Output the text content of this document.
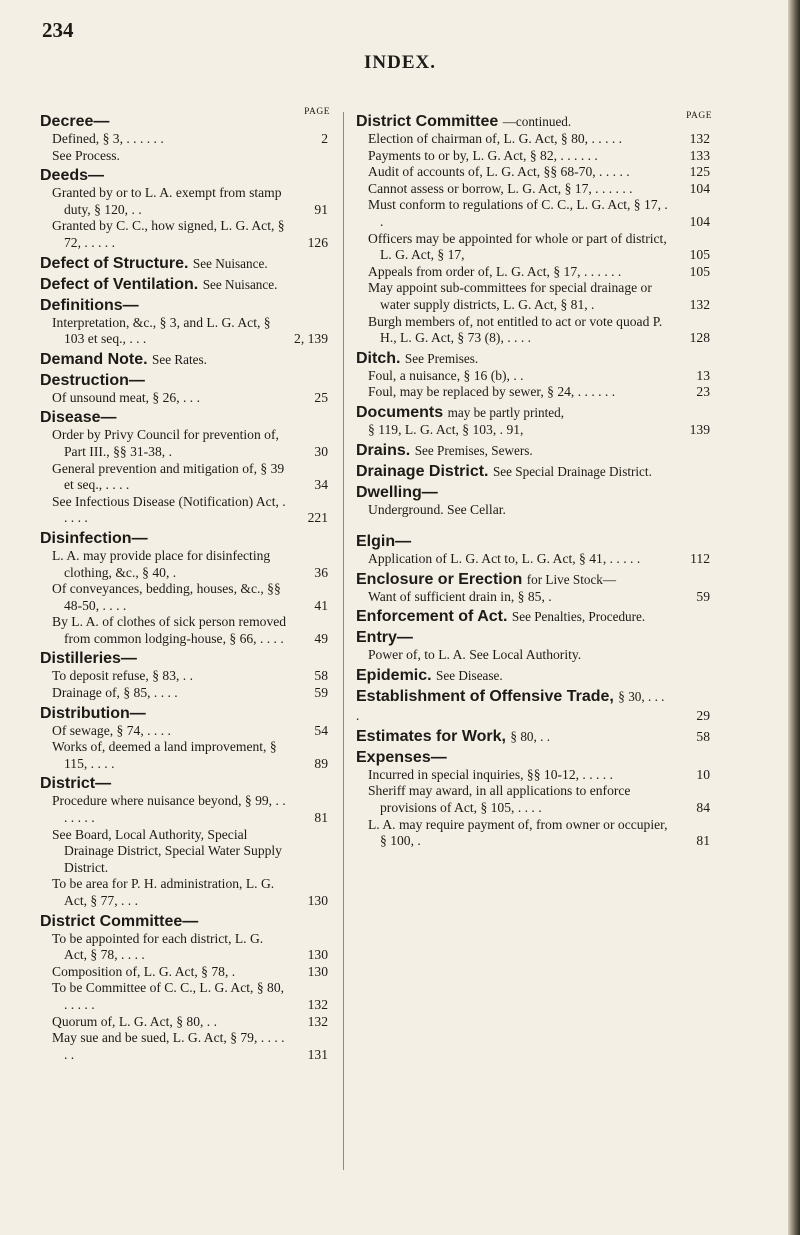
234
INDEX.
PAGE
Decree—
Defined, § 3, . . . . . .	2
See Process.
Deeds—
Granted by or to L. A. exempt from stamp duty, § 120, . .	91
Granted by C. C., how signed, L. G. Act, § 72, . . . . .	126
Defect of Structure. See Nuisance.
Defect of Ventilation. See Nuisance.
Definitions—
Interpretation, &c., § 3, and L. G. Act, § 103 et seq., . . .	2, 139
Demand Note. See Rates.
Destruction—
Of unsound meat, § 26, . . .	25
Disease—
Order by Privy Council for prevention of, Part III., §§ 31-38, .	30
General prevention and mitigation of, § 39 et seq., . . . .	34
See Infectious Disease (Notification) Act, . . . . .	221
Disinfection—
L. A. may provide place for disinfecting clothing, &c., § 40, .	36
Of conveyances, bedding, houses, &c., §§ 48-50, . . . .	41
By L. A. of clothes of sick person removed from common lodging-house, § 66, . . . .	49
Distilleries—
To deposit refuse, § 83, . .	58
Drainage of, § 85, . . . .	59
Distribution—
Of sewage, § 74, . . . .	54
Works of, deemed a land improvement, § 115, . . . .	89
District—
Procedure where nuisance beyond, § 99, . . . . . . .	81
See Board, Local Authority, Special Drainage District, Special Water Supply District.
To be area for P. H. administration, L. G. Act, § 77, . . .	130
District Committee—
To be appointed for each district, L. G. Act, § 78, . . . .	130
Composition of, L. G. Act, § 78, .	130
To be Committee of C. C., L. G. Act, § 80, . . . . .	132
Quorum of, L. G. Act, § 80, . .	132
May sue and be sued, L. G. Act, § 79, . . . . . .	131
PAGE
District Committee —continued.
Election of chairman of, L. G. Act, § 80, . . . . .	132
Payments to or by, L. G. Act, § 82, . . . . . .	133
Audit of accounts of, L. G. Act, §§ 68-70, . . . . .	125
Cannot assess or borrow, L. G. Act, § 17, . . . . . .	104
Must conform to regulations of C. C., L. G. Act, § 17, . .	104
Officers may be appointed for whole or part of district, L. G. Act, § 17,	105
Appeals from order of, L. G. Act, § 17, . . . . . .	105
May appoint sub-committees for special drainage or water supply districts, L. G. Act, § 81, .	132
Burgh members of, not entitled to act or vote quoad P. H., L. G. Act, § 73 (8), . . . .	128
Ditch. See Premises.
Foul, a nuisance, § 16 (b), . .	13
Foul, may be replaced by sewer, § 24, . . . . . .	23
Documents may be partly printed,
§ 119, L. G. Act, § 103, . 91,	139
Drains. See Premises, Sewers.
Drainage District. See Special Drainage District.
Dwelling—
Underground. See Cellar.
Elgin—
Application of L. G. Act to, L. G. Act, § 41, . . . . .	112
Enclosure or Erection for Live Stock—
Want of sufficient drain in, § 85, .	59
Enforcement of Act. See Penalties, Procedure.
Entry—
Power of, to L. A. See Local Authority.
Epidemic. See Disease.
Establishment of Offensive Trade, § 30, . . . .	29
Estimates for Work, § 80, . .	58
Expenses—
Incurred in special inquiries, §§ 10-12, . . . . .	10
Sheriff may award, in all applications to enforce provisions of Act, § 105, . . . .	84
L. A. may require payment of, from owner or occupier, § 100, .	81
